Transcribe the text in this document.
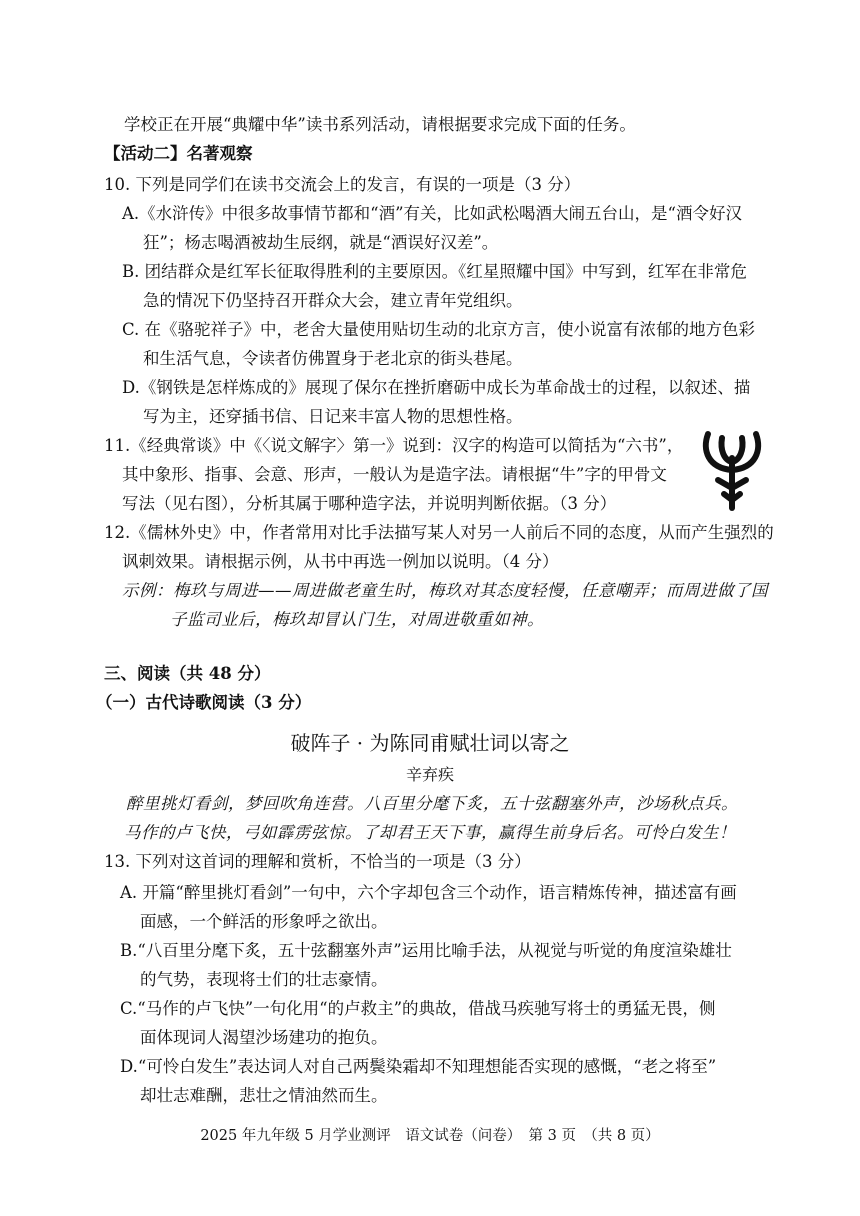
学校正在开展“典耀中华”读书系列活动，请根据要求完成下面的任务。
【活动二】名著观察
10. 下列是同学们在读书交流会上的发言，有误的一项是（3 分）
A.《水浒传》中很多故事情节都和“酒”有关，比如武松喝酒大闹五台山，是“酒令好汉
狂”；杨志喝酒被劫生辰纲，就是“酒误好汉差”。
B. 团结群众是红军长征取得胜利的主要原因。《红星照耀中国》中写到，红军在非常危
急的情况下仍坚持召开群众大会，建立青年党组织。
C. 在《骆驼祥子》中，老舍大量使用贴切生动的北京方言，使小说富有浓郁的地方色彩
和生活气息，令读者仿佛置身于老北京的街头巷尾。
D.《钢铁是怎样炼成的》展现了保尔在挫折磨砺中成长为革命战士的过程，以叙述、描
写为主，还穿插书信、日记来丰富人物的思想性格。
11.《经典常谈》中《〈说文解字〉第一》说到：汉字的构造可以简括为“六书”，
其中象形、指事、会意、形声，一般认为是造字法。请根据“牛”字的甲骨文
写法（见右图），分析其属于哪种造字法，并说明判断依据。（3 分）
12.《儒林外史》中，作者常用对比手法描写某人对另一人前后不同的态度，从而产生强烈的
讽刺效果。请根据示例，从书中再选一例加以说明。（4 分）
示例：梅玖与周进——周进做老童生时，梅玖对其态度轻慢，任意嘲弄；而周进做了国
子监司业后，梅玖却冒认门生，对周进敬重如神。
三、阅读（共 48 分）
（一）古代诗歌阅读（3 分）
破阵子 · 为陈同甫赋壮词以寄之
辛弃疾
醉里挑灯看剑，梦回吹角连营。八百里分麾下炙，五十弦翻塞外声，沙场秋点兵。
马作的卢飞快，弓如霹雳弦惊。了却君王天下事，赢得生前身后名。可怜白发生！
13. 下列对这首词的理解和赏析，不恰当的一项是（3 分）
A. 开篇“醉里挑灯看剑”一句中，六个字却包含三个动作，语言精炼传神，描述富有画
面感，一个鲜活的形象呼之欲出。
B.“八百里分麾下炙，五十弦翻塞外声”运用比喻手法，从视觉与听觉的角度渲染雄壮
的气势，表现将士们的壮志豪情。
C.“马作的卢飞快”一句化用“的卢救主”的典故，借战马疾驰写将士的勇猛无畏，侧
面体现词人渴望沙场建功的抱负。
D.“可怜白发生”表达词人对自己两鬓染霜却不知理想能否实现的感慨，“老之将至”
却壮志难酬，悲壮之情油然而生。
2025 年九年级 5 月学业测评　语文试卷（问卷）　第 3 页　（共 8 页）
